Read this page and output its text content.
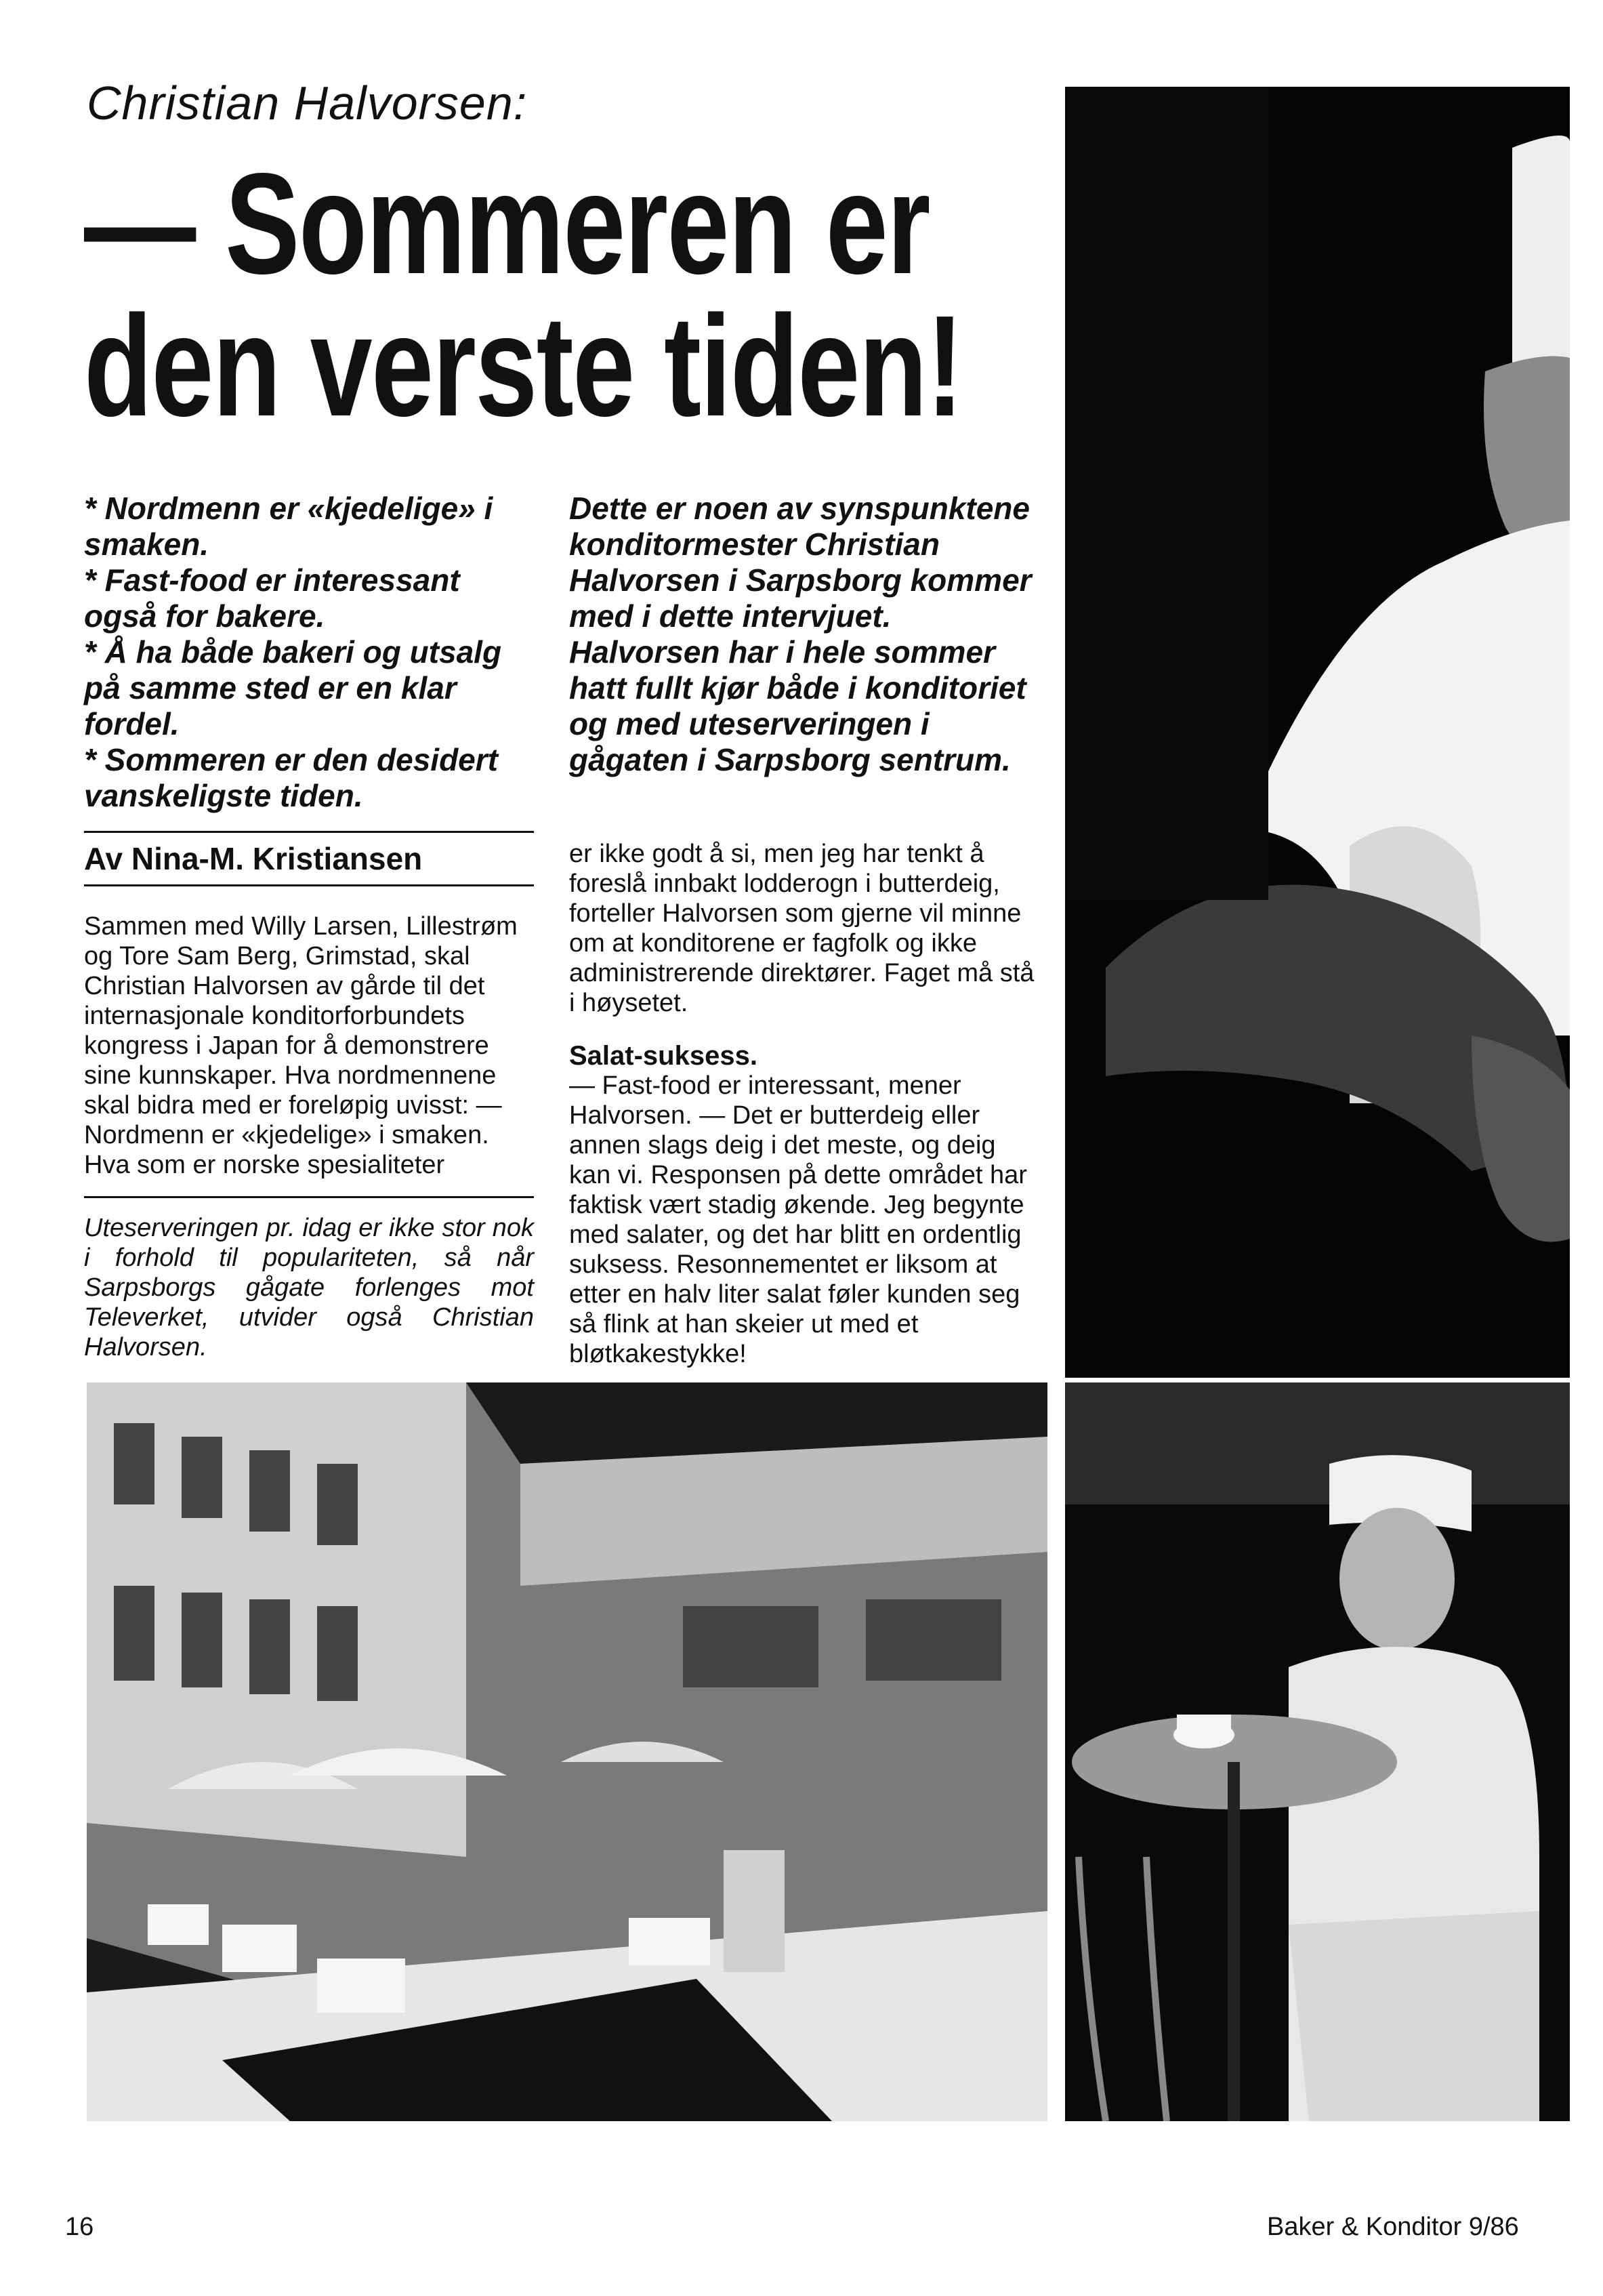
Christian Halvorsen:
— Sommeren er
den verste tiden!
* Nordmenn er «kjedelige» i smaken.
* Fast-food er interessant også for bakere.
* Å ha både bakeri og utsalg på samme sted er en klar fordel.
* Sommeren er den desidert vanskeligste tiden.
Dette er noen av synspunktene konditormester Christian Halvorsen i Sarpsborg kommer med i dette intervjuet. Halvorsen har i hele sommer hatt fullt kjør både i konditoriet og med uteserveringen i gågaten i Sarpsborg sentrum.
Av Nina-M. Kristiansen

Sammen med Willy Larsen, Lillestrøm og Tore Sam Berg, Grimstad, skal Christian Halvorsen av gårde til det internasjonale konditorforbundets kongress i Japan for å demonstrere sine kunnskaper. Hva nordmennene skal bidra med er foreløpig uvisst: — Nordmenn er «kjedelige» i smaken. Hva som er norske spesialiteter

Uteserveringen pr. idag er ikke stor nok i forhold til populariteten, så når Sarpsborgs gågate forlenges mot Televerket, utvider også Christian Halvorsen.

er ikke godt å si, men jeg har tenkt å foreslå innbakt lodderogn i butterdeig, forteller Halvorsen som gjerne vil minne om at konditorene er fagfolk og ikke administrerende direktører. Faget må stå i høysetet.

Salat-suksess.

— Fast-food er interessant, mener Halvorsen. — Det er butterdeig eller annen slags deig i det meste, og deig kan vi. Responsen på dette området har faktisk vært stadig økende. Jeg begynte med salater, og det har blitt en ordentlig suksess. Resonnementet er liksom at etter en halv liter salat føler kunden seg så flink at han skeier ut med et bløtkakestykke!

16	Baker & Konditor 9/86
